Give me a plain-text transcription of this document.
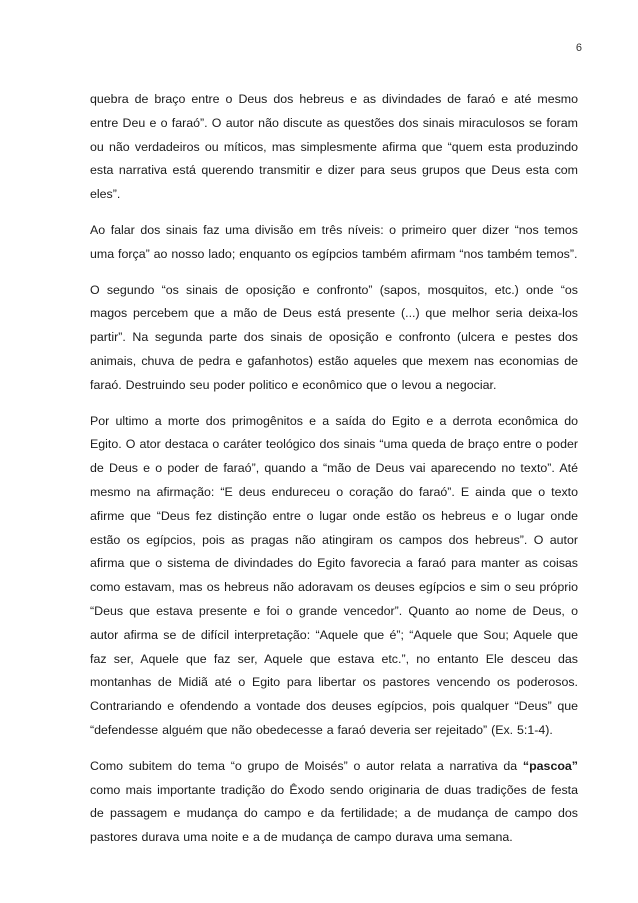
6

quebra de braço entre o Deus dos hebreus e as divindades de faraó e até mesmo entre Deu e o faraó”. O autor não discute as questões dos sinais miraculosos se foram ou não verdadeiros ou míticos, mas simplesmente afirma que “quem esta produzindo esta narrativa está querendo transmitir e dizer para seus grupos que Deus esta com eles”.

Ao falar dos sinais faz uma divisão em três níveis: o primeiro quer dizer “nos temos uma força” ao nosso lado; enquanto os egípcios também afirmam “nos também temos”.

O segundo “os sinais de oposição e confronto” (sapos, mosquitos, etc.) onde “os magos percebem que a mão de Deus está presente (...) que melhor seria deixa-los partir”. Na segunda parte dos sinais de oposição e confronto (ulcera e pestes dos animais, chuva de pedra e gafanhotos) estão aqueles que mexem nas economias de faraó. Destruindo seu poder politico e econômico que o levou a negociar.

Por ultimo a morte dos primogênitos e a saída do Egito e a derrota econômica do Egito. O ator destaca o caráter teológico dos sinais “uma queda de braço entre o poder de Deus e o poder de faraó”, quando a “mão de Deus vai aparecendo no texto”. Até mesmo na afirmação: “E deus endureceu o coração do faraó”. E ainda que o texto afirme que “Deus fez distinção entre o lugar onde estão os hebreus e o lugar onde estão os egípcios, pois as pragas não atingiram os campos dos hebreus”. O autor afirma que o sistema de divindades do Egito favorecia a faraó para manter as coisas como estavam, mas os hebreus não adoravam os deuses egípcios e sim o seu próprio “Deus que estava presente e foi o grande vencedor”. Quanto ao nome de Deus, o autor afirma se de difícil interpretação: “Aquele que é”; “Aquele que Sou; Aquele que faz ser, Aquele que faz ser, Aquele que estava etc.”, no entanto Ele desceu das montanhas de Midiã até o Egito para libertar os pastores vencendo os poderosos. Contrariando e ofendendo a vontade dos deuses egípcios, pois qualquer “Deus” que “defendesse alguém que não obedecesse a faraó deveria ser rejeitado” (Ex. 5:1-4).

Como subitem do tema “o grupo de Moisés” o autor relata a narrativa da “pascoa” como mais importante tradição do Êxodo sendo originaria de duas tradições de festa de passagem e mudança do campo e da fertilidade; a de mudança de campo dos pastores durava uma noite e a de mudança de campo durava uma semana.
